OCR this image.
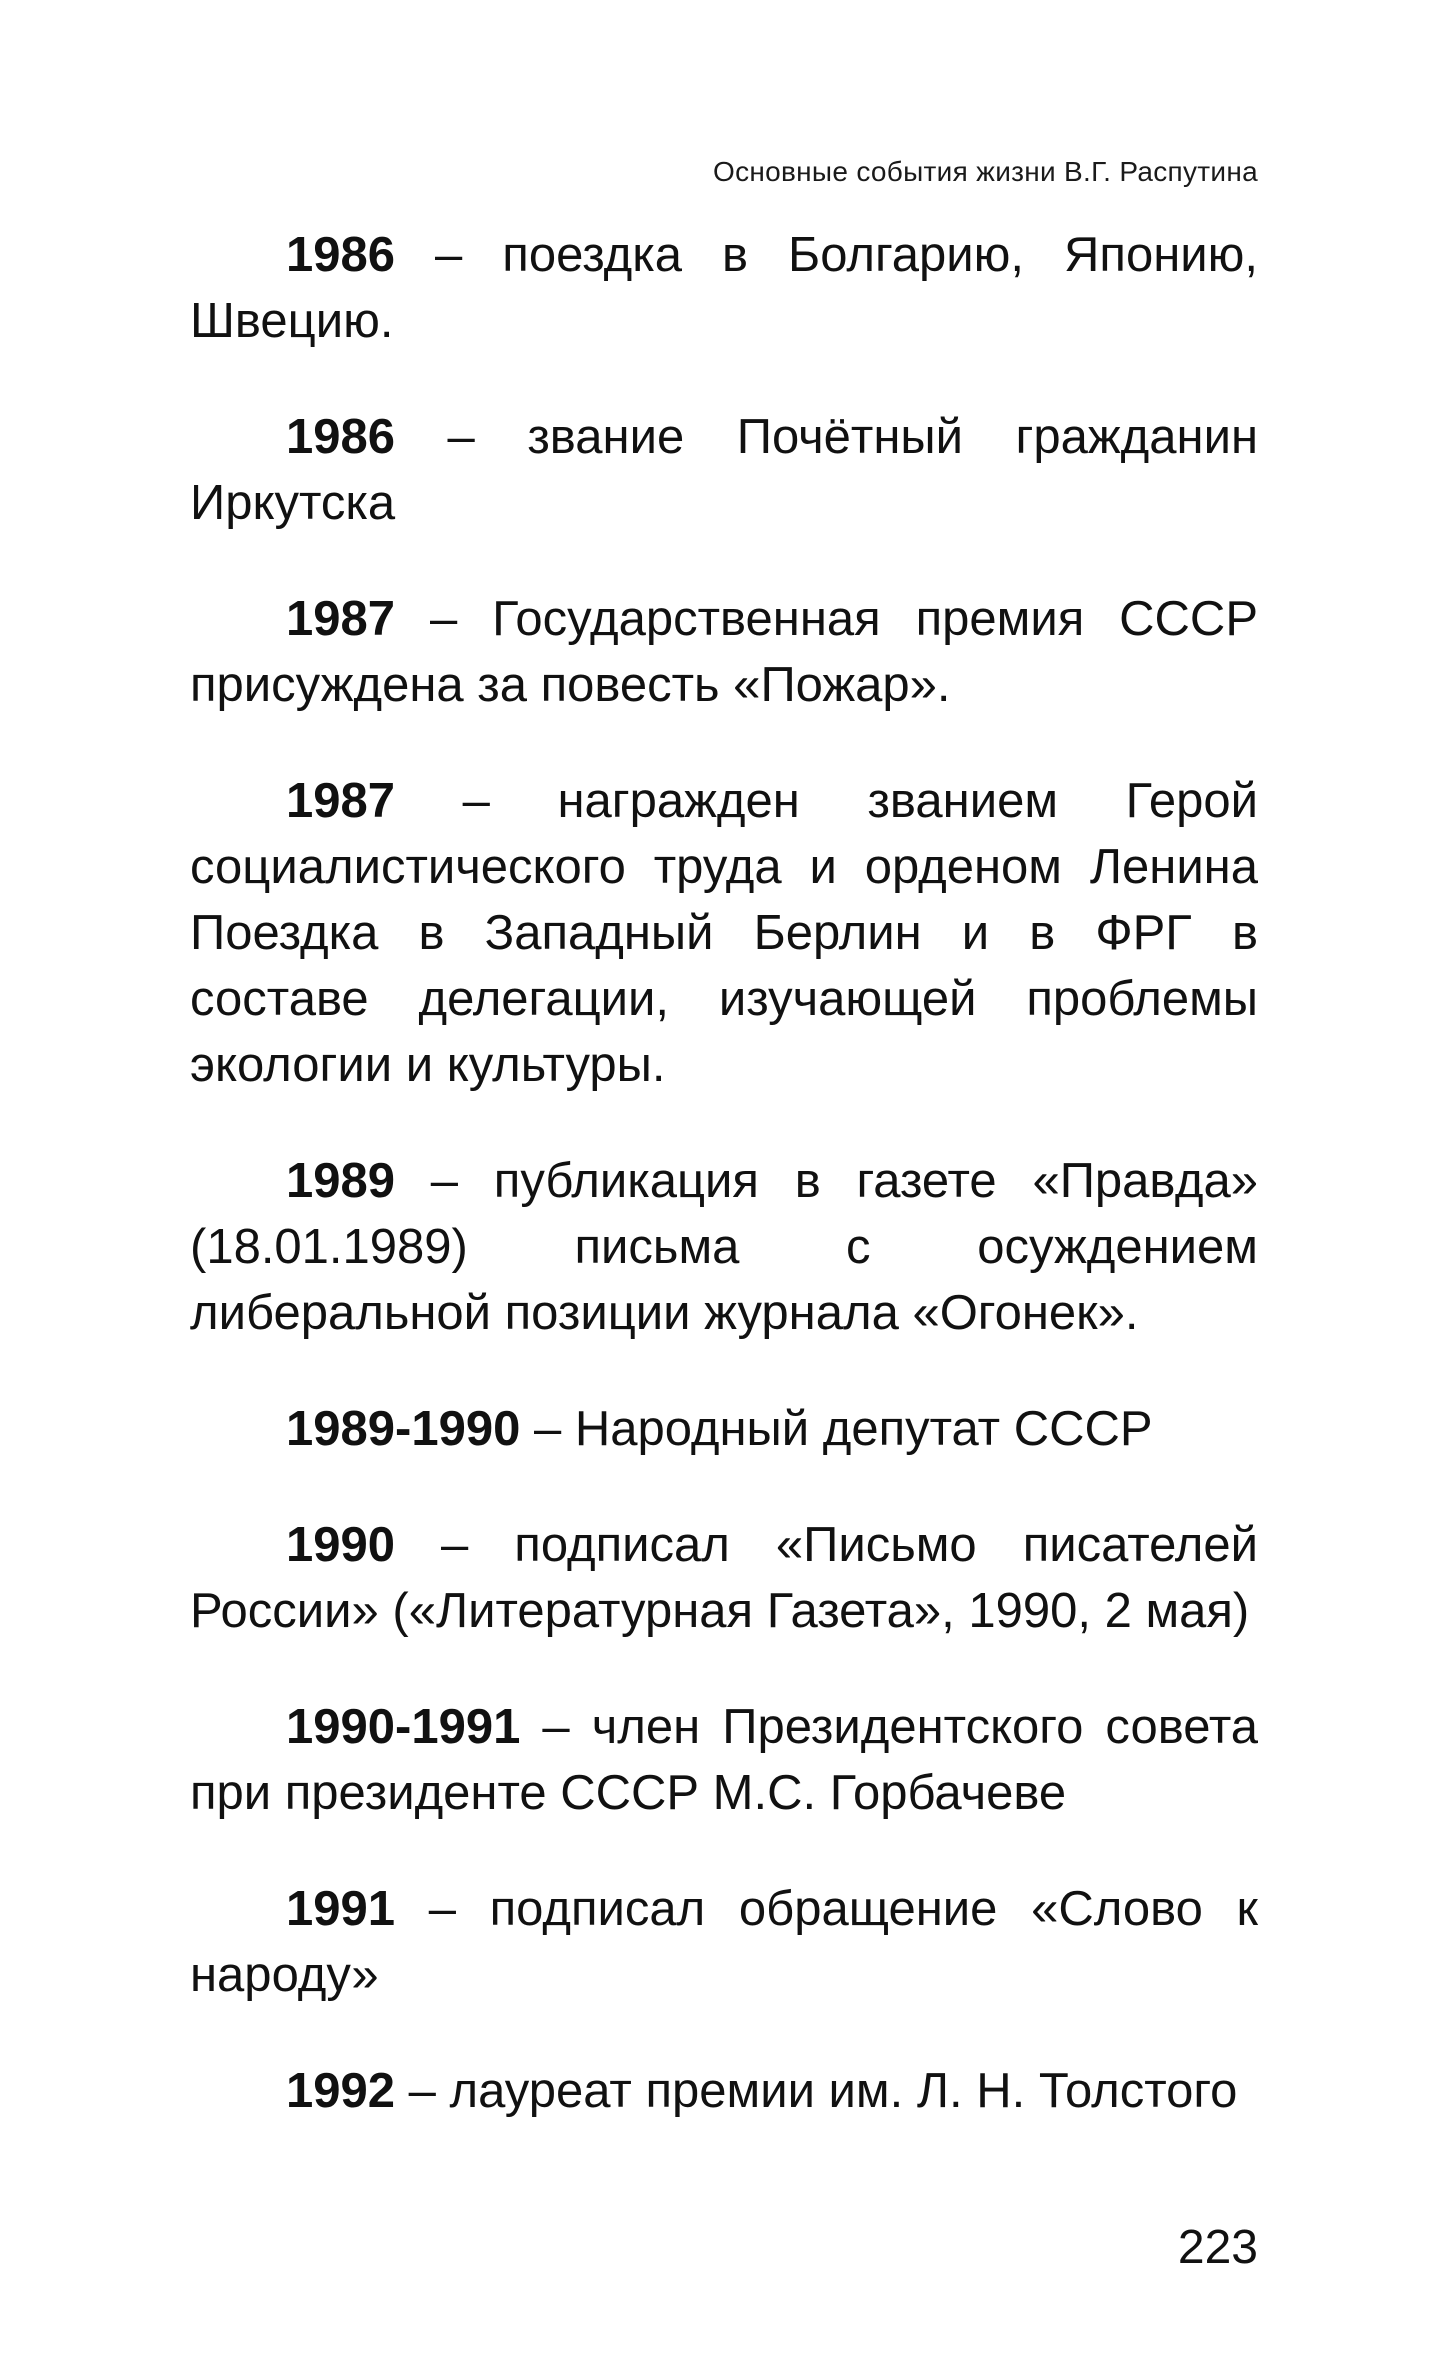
Основные события жизни В.Г. Распутина

1986 – поездка в Болгарию, Японию, Швецию.

1986 – звание Почётный гражданин Иркутска

1987 – Государственная премия СССР присуждена за повесть «Пожар».

1987 – награжден званием Герой социалистического труда и орденом Ленина Поездка в Западный Берлин и в ФРГ в составе делегации, изучающей проблемы экологии и культуры.

1989 – публикация в газете «Правда» (18.01.1989) письма с осуждением либеральной позиции журнала «Огонек».

1989-1990 – Народный депутат СССР

1990 – подписал «Письмо писателей России» («Литературная Газета», 1990, 2 мая)

1990-1991 – член Президентского совета при президенте СССР М.С. Горбачеве

1991 – подписал обращение «Слово к народу»

1992 – лауреат премии им. Л. Н. Толстого

223
